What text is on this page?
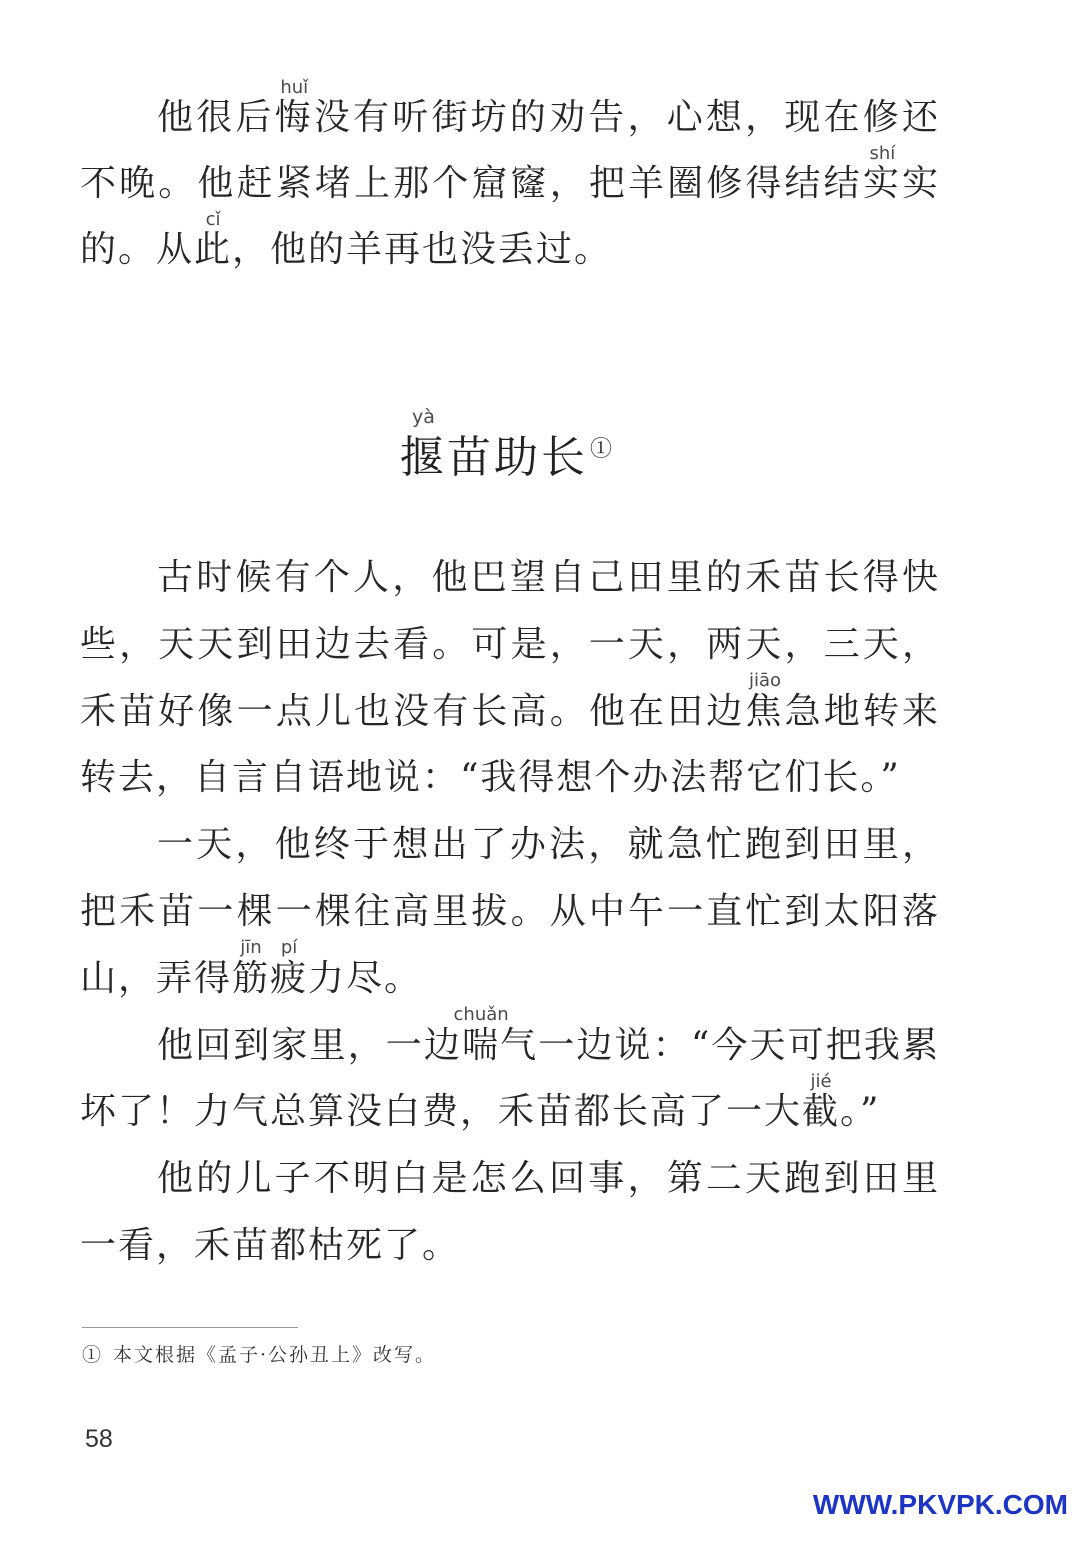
他很后悔
huǐ
没有听街坊的劝告，心想，现在修还
不晚。他赶紧堵上那个窟窿，把羊圈修得结结实
shí
实
的。从此
cǐ
，他的羊再也没丢过。
揠
yà
苗助长①
古时候有个人，他巴望自己田里的禾苗长得快
些，天天到田边去看。可是，一天，两天，三天，
禾苗好像一点儿也没有长高。他在田边焦
jiāo
急地转来
转去，自言自语地说：“我得想个办法帮它们长。”
一天，他终于想出了办法，就急忙跑到田里，
把禾苗一棵一棵往高里拔。从中午一直忙到太阳落
山，弄得筋
jīn
疲
pí
力尽。
他回到家里，一边喘
chuǎn
气一边说：“今天可把我累
坏了！力气总算没白费，禾苗都长高了一大截
jié
。”
他的儿子不明白是怎么回事，第二天跑到田里
一看，禾苗都枯死了。
① 本文根据《孟子·公孙丑上》改写。
58
WWW.PKVPK.COM
